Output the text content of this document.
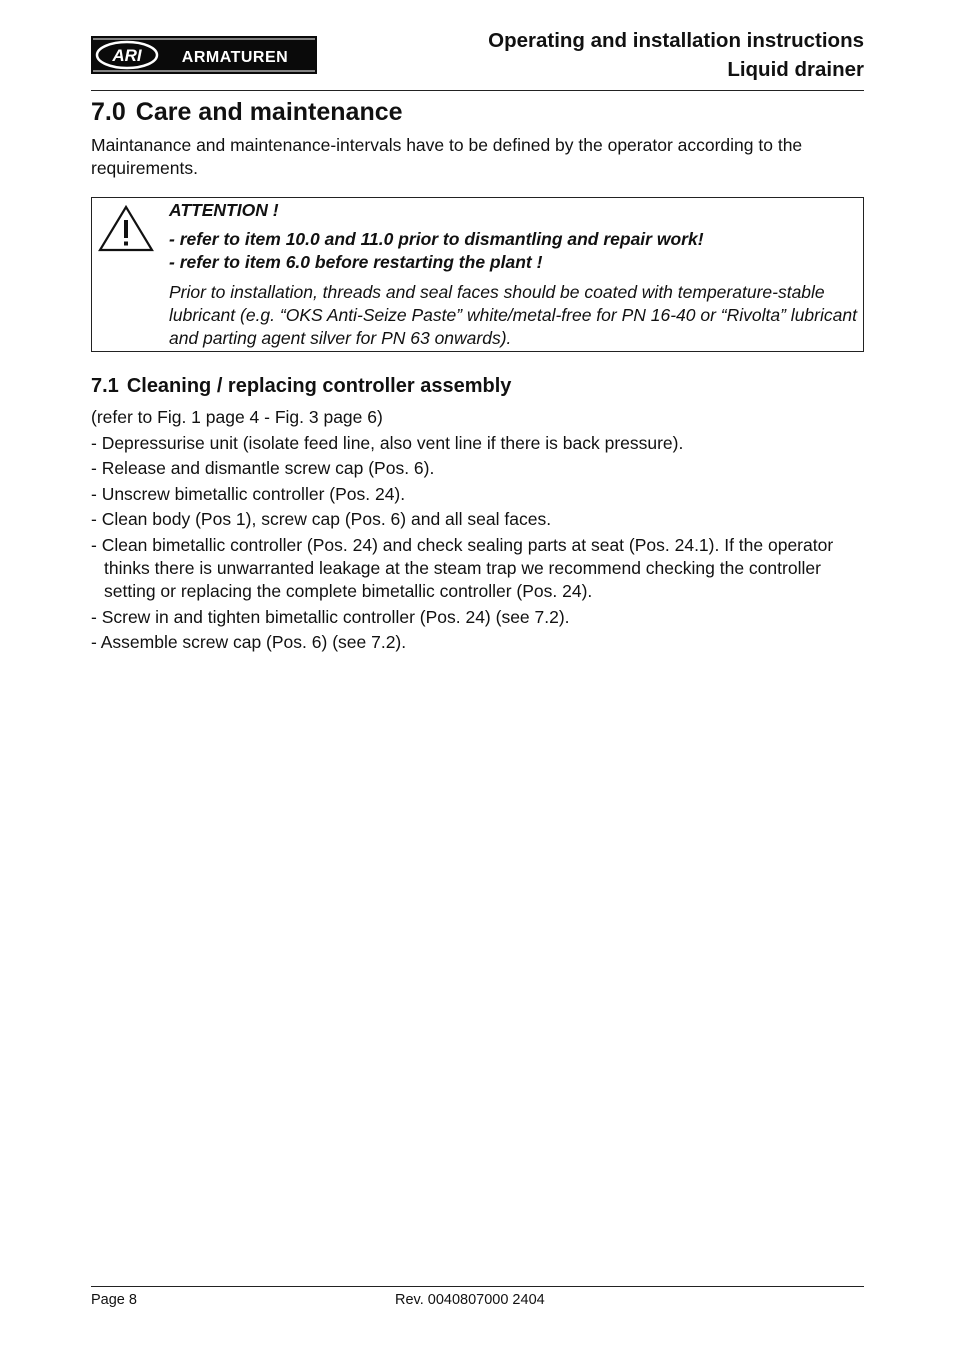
ARI	ARMATUREN
Operating and installation instructions
Liquid drainer
7.0 Care and maintenance

Maintanance and maintenance-intervals have to be defined by the operator according to the requirements.

ATTENTION !
- refer to item 10.0 and 11.0 prior to dismantling and repair work!
- refer to item 6.0 before restarting the plant !

Prior to installation, threads and seal faces should be coated with temperature-stable lubricant (e.g. “OKS Anti-Seize Paste” white/metal-free for PN 16-40 or “Rivolta” lubricant and parting agent silver for PN 63 onwards).

7.1 Cleaning / replacing controller assembly

(refer to Fig. 1 page 4 - Fig. 3 page 6)

- Depressurise unit (isolate feed line, also vent line if there is back pressure).
- Release and dismantle screw cap (Pos. 6).
- Unscrew bimetallic controller (Pos. 24).
- Clean body (Pos 1), screw cap (Pos. 6) and all seal faces.
- Clean bimetallic controller (Pos. 24) and check sealing parts at seat (Pos. 24.1). If the operator thinks there is unwarranted leakage at the steam trap we recommend checking the controller setting or replacing the complete bimetallic controller (Pos. 24).
- Screw in and tighten bimetallic controller (Pos. 24) (see 7.2).
- Assemble screw cap (Pos. 6) (see 7.2).
Page 8	Rev. 0040807000 2404
